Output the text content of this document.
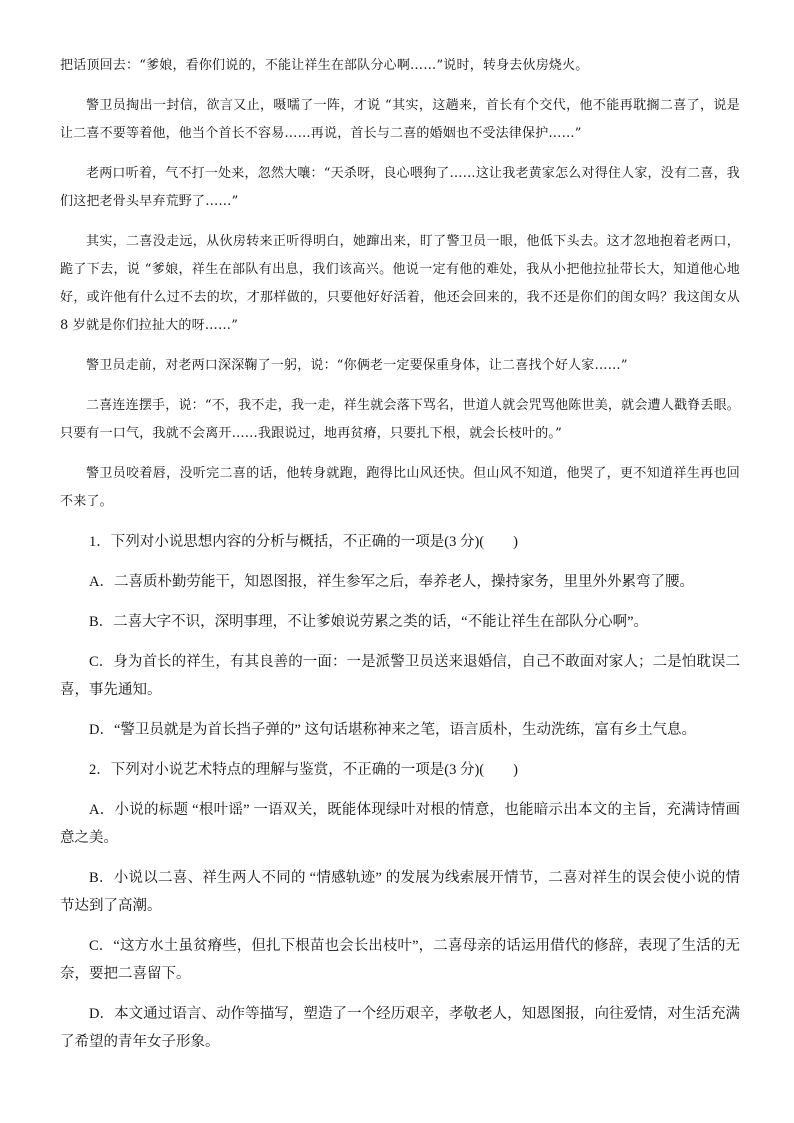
把话顶回去：“爹娘，看你们说的，不能让祥生在部队分心啊……”说时，转身去伙房烧火。

警卫员掏出一封信，欲言又止，嗫嚅了一阵，才说 “其实，这趟来，首长有个交代，他不能再耽搁二喜了，说是让二喜不要等着他，他当个首长不容易……再说，首长与二喜的婚姻也不受法律保护……”

老两口听着，气不打一处来，忽然大嚷：“天杀呀，良心喂狗了……这让我老黄家怎么对得住人家，没有二喜，我们这把老骨头早弃荒野了……”

其实，二喜没走远，从伙房转来正听得明白，她蹿出来，盯了警卫员一眼，他低下头去。这才忽地抱着老两口，跪了下去，说 “爹娘，祥生在部队有出息，我们该高兴。他说一定有他的难处，我从小把他拉扯带长大，知道他心地好，或许他有什么过不去的坎，才那样做的，只要他好好活着，他还会回来的，我不还是你们的闺女吗？我这闺女从 8 岁就是你们拉扯大的呀……”

警卫员走前，对老两口深深鞠了一躬，说：“你俩老一定要保重身体，让二喜找个好人家……”

二喜连连摆手，说：“不，我不走，我一走，祥生就会落下骂名，世道人就会咒骂他陈世美，就会遭人戳脊丢眼。只要有一口气，我就不会离开……我跟说过，地再贫瘠，只要扎下根，就会长枝叶的。”

警卫员咬着唇，没听完二喜的话，他转身就跑，跑得比山风还快。但山风不知道，他哭了，更不知道祥生再也回不来了。

1．下列对小说思想内容的分析与概括，不正确的一项是(3 分)(　　)

A．二喜质朴勤劳能干，知恩图报，祥生参军之后，奉养老人，操持家务，里里外外累弯了腰。

B．二喜大字不识，深明事理，不让爹娘说劳累之类的话，“不能让祥生在部队分心啊”。

C．身为首长的祥生，有其良善的一面：一是派警卫员送来退婚信，自己不敢面对家人；二是怕耽误二喜，事先通知。

D．“警卫员就是为首长挡子弹的” 这句话堪称神来之笔，语言质朴，生动洗练，富有乡土气息。

2．下列对小说艺术特点的理解与鉴赏，不正确的一项是(3 分)(　　)

A．小说的标题 “根叶谣” 一语双关，既能体现绿叶对根的情意，也能暗示出本文的主旨，充满诗情画意之美。

B．小说以二喜、祥生两人不同的 “情感轨迹” 的发展为线索展开情节，二喜对祥生的误会使小说的情节达到了高潮。

C．“这方水土虽贫瘠些，但扎下根苗也会长出枝叶”，二喜母亲的话运用借代的修辞，表现了生活的无奈，要把二喜留下。

D．本文通过语言、动作等描写，塑造了一个经历艰辛，孝敬老人，知恩图报，向往爱情，对生活充满了希望的青年女子形象。
